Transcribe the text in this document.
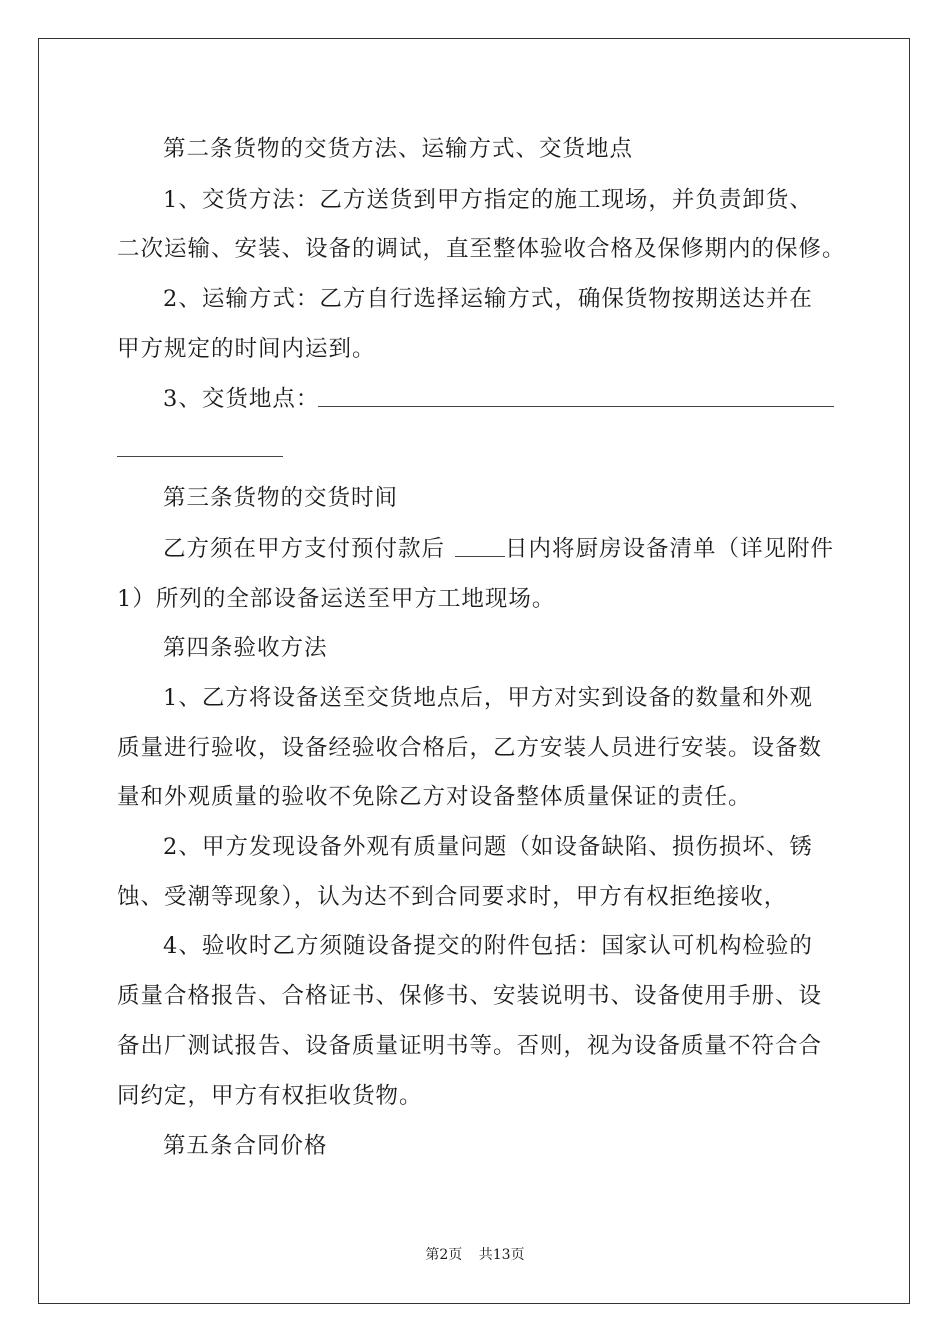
第二条货物的交货方法、运输方式、交货地点
1、交货方法：乙方送货到甲方指定的施工现场，并负责卸货、
二次运输、安装、设备的调试，直至整体验收合格及保修期内的保修。
2、运输方式：乙方自行选择运输方式，确保货物按期送达并在
甲方规定的时间内运到。
3、交货地点：
第三条货物的交货时间
乙方须在甲方支付预付款后	日内将厨房设备清单（详见附件
1）所列的全部设备运送至甲方工地现场。
第四条验收方法
1、乙方将设备送至交货地点后，甲方对实到设备的数量和外观
质量进行验收，设备经验收合格后，乙方安装人员进行安装。设备数
量和外观质量的验收不免除乙方对设备整体质量保证的责任。
2、甲方发现设备外观有质量问题（如设备缺陷、损伤损坏、锈
蚀、受潮等现象），认为达不到合同要求时，甲方有权拒绝接收，
4、验收时乙方须随设备提交的附件包括：国家认可机构检验的
质量合格报告、合格证书、保修书、安装说明书、设备使用手册、设
备出厂测试报告、设备质量证明书等。否则，视为设备质量不符合合
同约定，甲方有权拒收货物。
第五条合同价格
第2页 共13页
